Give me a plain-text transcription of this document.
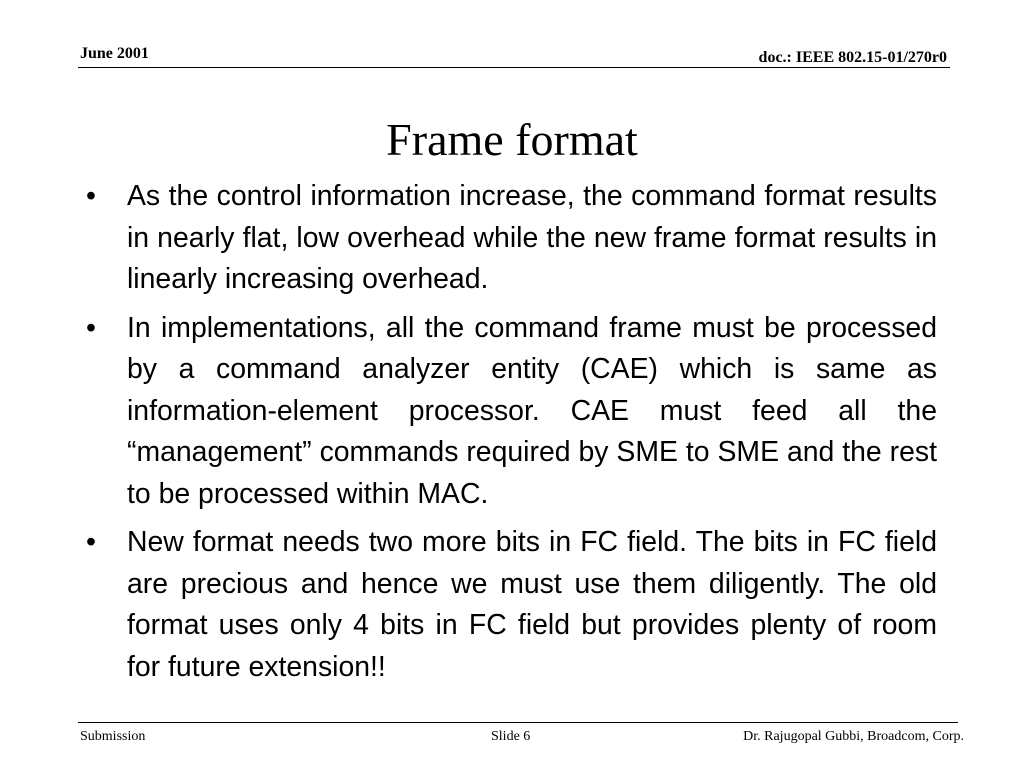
June 2001	doc.: IEEE 802.15-01/270r0

Frame format
• As the control information increase, the command format results in nearly flat, low overhead while the new frame format results in linearly increasing overhead.
• In implementations, all the command frame must be processed by a command analyzer entity (CAE) which is same as information-element processor. CAE must feed all the “management” commands required by SME to SME and the rest to be processed within MAC.
• New format needs two more bits in FC field. The bits in FC field are precious and hence we must use them diligently. The old format uses only 4 bits in FC field but provides plenty of room for future extension!!

Submission	Slide 6	Dr. Rajugopal Gubbi, Broadcom, Corp.
